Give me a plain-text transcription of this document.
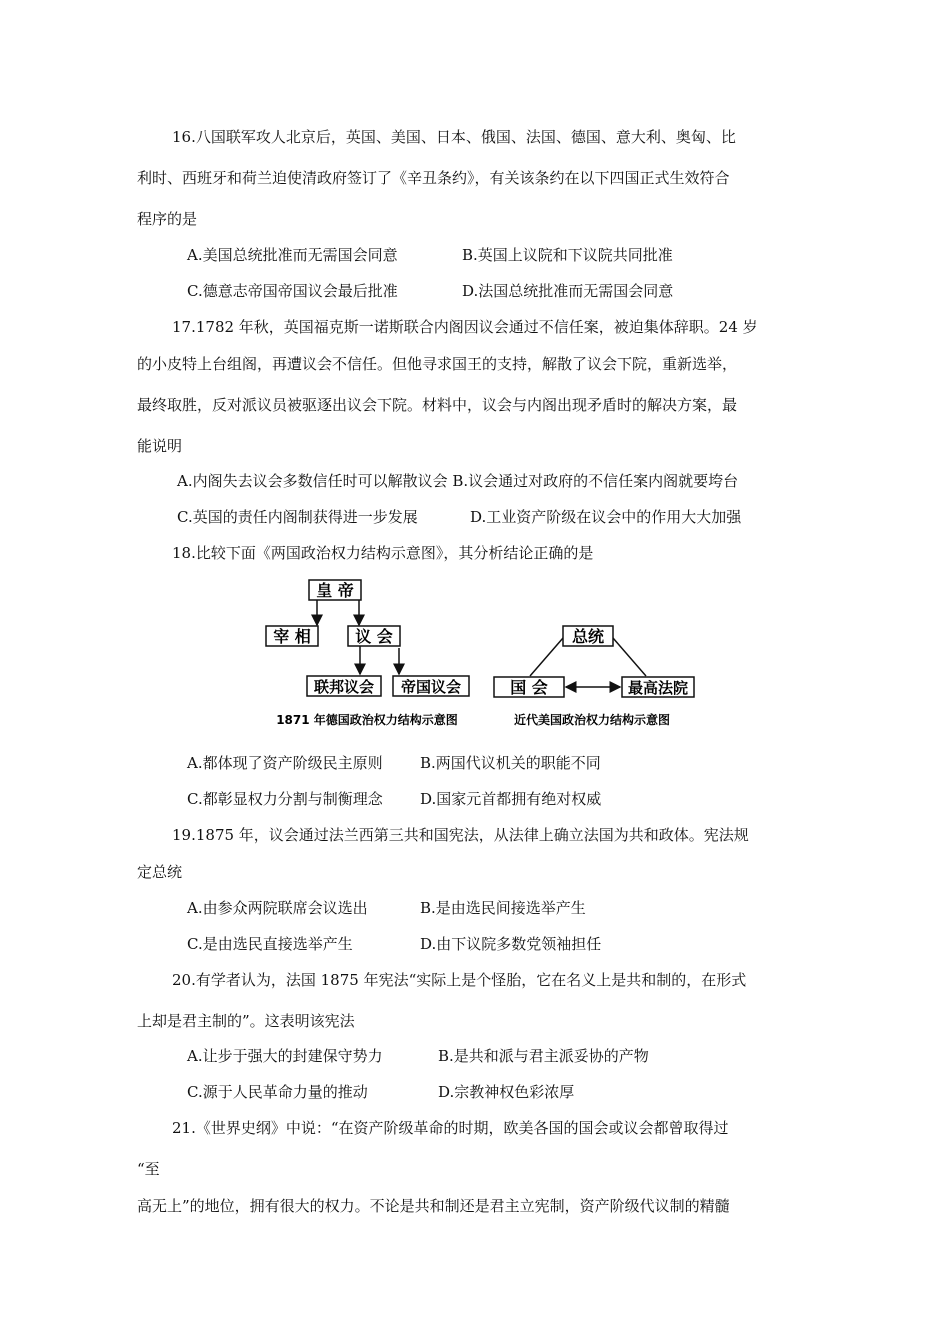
16.八国联军攻人北京后，英国、美国、日本、俄国、法国、德国、意大利、奥匈、比
利时、西班牙和荷兰迫使清政府签订了《辛丑条约》，有关该条约在以下四国正式生效符合
程序的是
A.美国总统批准而无需国会同意	B.英国上议院和下议院共同批准
C.德意志帝国帝国议会最后批准	D.法国总统批准而无需国会同意
17.1782 年秋，英国福克斯一诺斯联合内阁因议会通过不信任案，被迫集体辞职。24 岁
的小皮特上台组阁，再遭议会不信任。但他寻求国王的支持，解散了议会下院，重新选举，
最终取胜，反对派议员被驱逐出议会下院。材料中，议会与内阁出现矛盾时的解决方案，最
能说明
A.内阁失去议会多数信任时可以解散议会 B.议会通过对政府的不信任案内阁就要垮台
C.英国的责任内阁制获得进一步发展	D.工业资产阶级在议会中的作用大大加强
18.比较下面《两国政治权力结构示意图》，其分析结论正确的是
皇 帝
宰 相	议 会
联邦议会 帝国议会
总统
国 会	最高法院
1871 年德国政治权力结构示意图	近代美国政治权力结构示意图
A.都体现了资产阶级民主原则 B.两国代议机关的职能不同
C.都彰显权力分割与制衡理念 D.国家元首都拥有绝对权威
19.1875 年，议会通过法兰西第三共和国宪法，从法律上确立法国为共和政体。宪法规
定总统
A.由参众两院联席会议选出	B.是由选民间接选举产生
C.是由选民直接选举产生	D.由下议院多数党领袖担任
20.有学者认为，法国 1875 年宪法“实际上是个怪胎，它在名义上是共和制的，在形式
上却是君主制的”。这表明该宪法
A.让步于强大的封建保守势力	B.是共和派与君主派妥协的产物
C.源于人民革命力量的推动	D.宗教神权色彩浓厚
21.《世界史纲》中说：“在资产阶级革命的时期，欧美各国的国会或议会都曾取得过
“至
高无上”的地位，拥有很大的权力。不论是共和制还是君主立宪制，资产阶级代议制的精髓
